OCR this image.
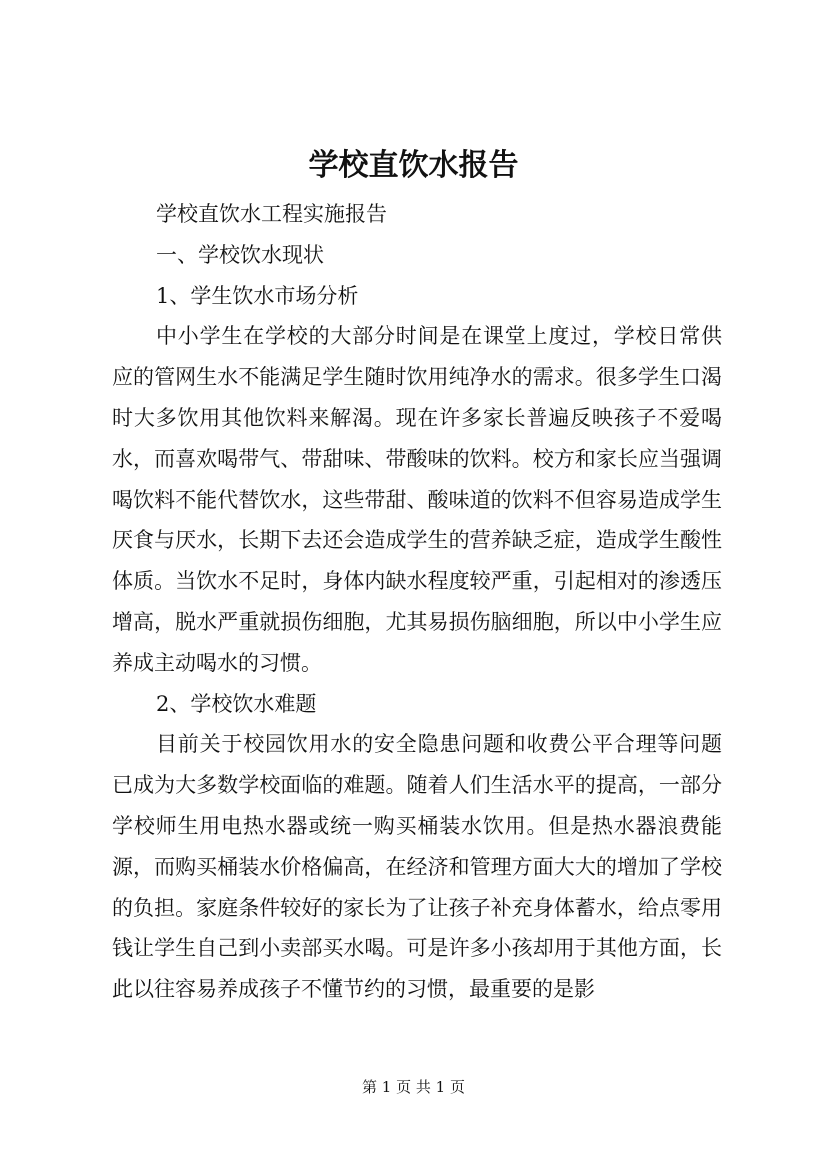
学校直饮水报告

学校直饮水工程实施报告

一、学校饮水现状

1、学生饮水市场分析

中小学生在学校的大部分时间是在课堂上度过，学校日常供应的管网生水不能满足学生随时饮用纯净水的需求。很多学生口渴时大多饮用其他饮料来解渴。现在许多家长普遍反映孩子不爱喝水，而喜欢喝带气、带甜味、带酸味的饮料。校方和家长应当强调喝饮料不能代替饮水，这些带甜、酸味道的饮料不但容易造成学生厌食与厌水，长期下去还会造成学生的营养缺乏症，造成学生酸性体质。当饮水不足时，身体内缺水程度较严重，引起相对的渗透压增高，脱水严重就损伤细胞，尤其易损伤脑细胞，所以中小学生应养成主动喝水的习惯。

2、学校饮水难题

目前关于校园饮用水的安全隐患问题和收费公平合理等问题已成为大多数学校面临的难题。随着人们生活水平的提高，一部分学校师生用电热水器或统一购买桶装水饮用。但是热水器浪费能源，而购买桶装水价格偏高，在经济和管理方面大大的增加了学校的负担。家庭条件较好的家长为了让孩子补充身体蓄水，给点零用钱让学生自己到小卖部买水喝。可是许多小孩却用于其他方面，长此以往容易养成孩子不懂节约的习惯，最重要的是影

第 1 页 共 1 页
